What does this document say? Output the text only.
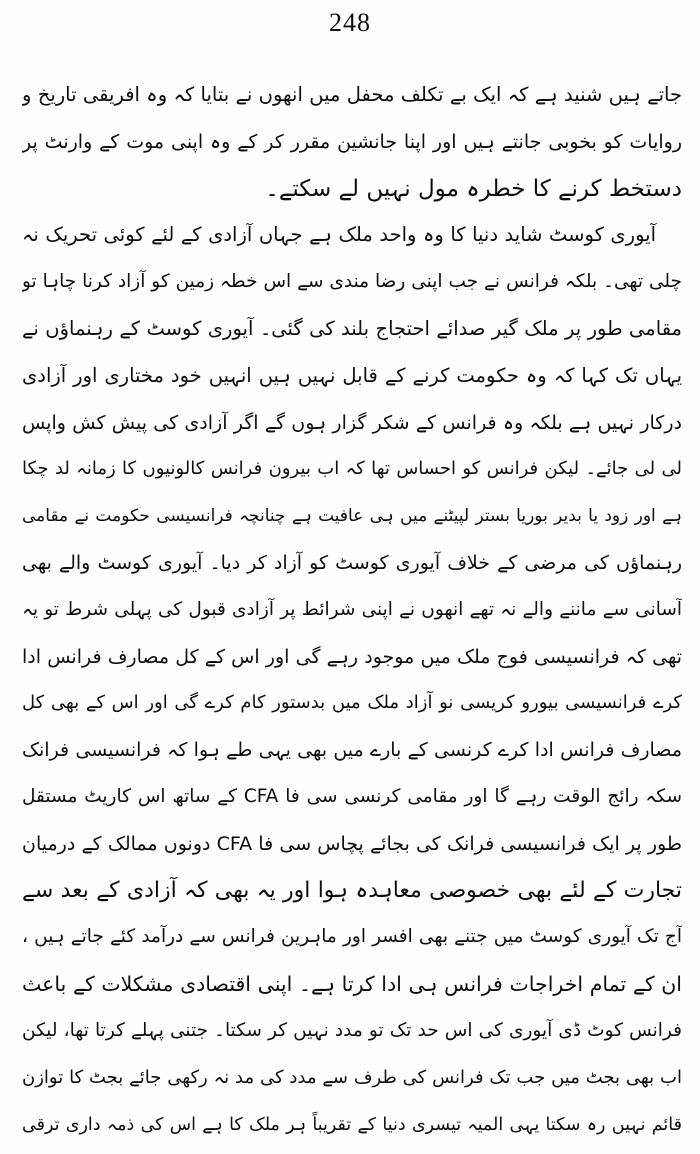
248
جاتے ہیں شنید ہے کہ ایک بے تکلف محفل میں انھوں نے بتایا کہ وہ افریقی تاریخ و
روایات کو بخوبی جانتے ہیں اور اپنا جانشین مقرر کر کے وہ اپنی موت کے وارنٹ پر
دستخط کرنے کا خطرہ مول نہیں لے سکتے۔
آیوری کوسٹ شاید دنیا کا وہ واحد ملک ہے جہاں آزادی کے لئے کوئی تحریک نہ
چلی تھی۔ بلکہ فرانس نے جب اپنی رضا مندی سے اس خطہ زمین کو آزاد کرنا چاہا تو
مقامی طور پر ملک گیر صدائے احتجاج بلند کی گئی۔ آیوری کوسٹ کے رہنماؤں نے
یہاں تک کہا کہ وہ حکومت کرنے کے قابل نہیں ہیں انہیں خود مختاری اور آزادی
درکار نہیں ہے بلکہ وہ فرانس کے شکر گزار ہوں گے اگر آزادی کی پیش کش واپس
لی لی جائے۔ لیکن فرانس کو احساس تھا کہ اب بیرون فرانس کالونیوں کا زمانہ لد چکا
ہے اور زود یا بدیر بوریا بستر لپیٹنے میں ہی عافیت ہے چنانچہ فرانسیسی حکومت نے مقامی
رہنماؤں کی مرضی کے خلاف آیوری کوسٹ کو آزاد کر دیا۔ آیوری کوسٹ والے بھی
آسانی سے ماننے والے نہ تھے انھوں نے اپنی شرائط پر آزادی قبول کی پہلی شرط تو یہ
تھی کہ فرانسیسی فوج ملک میں موجود رہے گی اور اس کے کل مصارف فرانس ادا
کرے فرانسیسی بیورو کریسی نو آزاد ملک میں بدستور کام کرے گی اور اس کے بھی کل
مصارف فرانس ادا کرے کرنسی کے بارے میں بھی یہی طے ہوا کہ فرانسیسی فرانک
سکہ رائج الوقت رہے گا اور مقامی کرنسی سی فا CFA کے ساتھ اس کاریٹ مستقل
طور پر ایک فرانسیسی فرانک کی بجائے پچاس سی فا CFA دونوں ممالک کے درمیان
تجارت کے لئے بھی خصوصی معاہدہ ہوا اور یہ بھی کہ آزادی کے بعد سے
آج تک آیوری کوسٹ میں جتنے بھی افسر اور ماہرین فرانس سے درآمد کئے جاتے ہیں ،
ان کے تمام اخراجات فرانس ہی ادا کرتا ہے۔ اپنی اقتصادی مشکلات کے باعث
فرانس کوٹ ڈی آیوری کی اس حد تک تو مدد نہیں کر سکتا۔ جتنی پہلے کرتا تھا، لیکن
اب بھی بجٹ میں جب تک فرانس کی طرف سے مدد کی مد نہ رکھی جائے بجٹ کا توازن
قائم نہیں رہ سکتا یہی المیہ تیسری دنیا کے تقریباً ہر ملک کا ہے اس کی ذمہ داری ترقی
